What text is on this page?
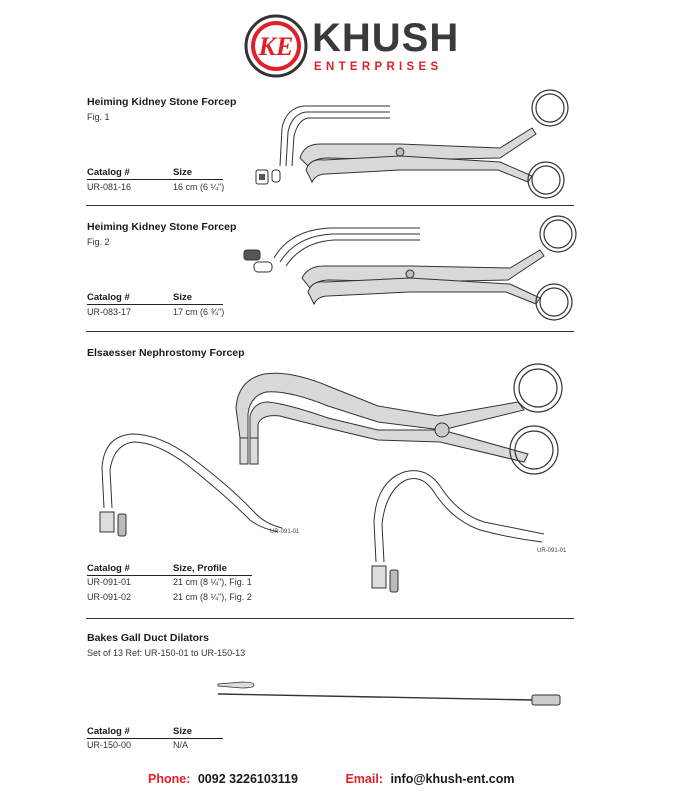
KE KHUSH
ENTERPRISES
Heiming Kidney Stone Forcep
Fig. 1
Catalog #	Size
UR-081-16	16 cm (6 ¼")
Heiming Kidney Stone Forcep
Fig. 2
Catalog #	Size
UR-083-17	17 cm (6 ¾")
Elsaesser Nephrostomy Forcep
UR-091-01
UR-091-01
Catalog #	Size, Profile
UR-091-01	21 cm (8 ¼"), Fig. 1
UR-091-02	21 cm (8 ¼"), Fig. 2
Bakes Gall Duct Dilators
Set of 13 Ref: UR-150-01 to UR-150-13
Catalog #	Size
UR-150-00	N/A
Phone: 0092 3226103119	Email: info@khush-ent.com
